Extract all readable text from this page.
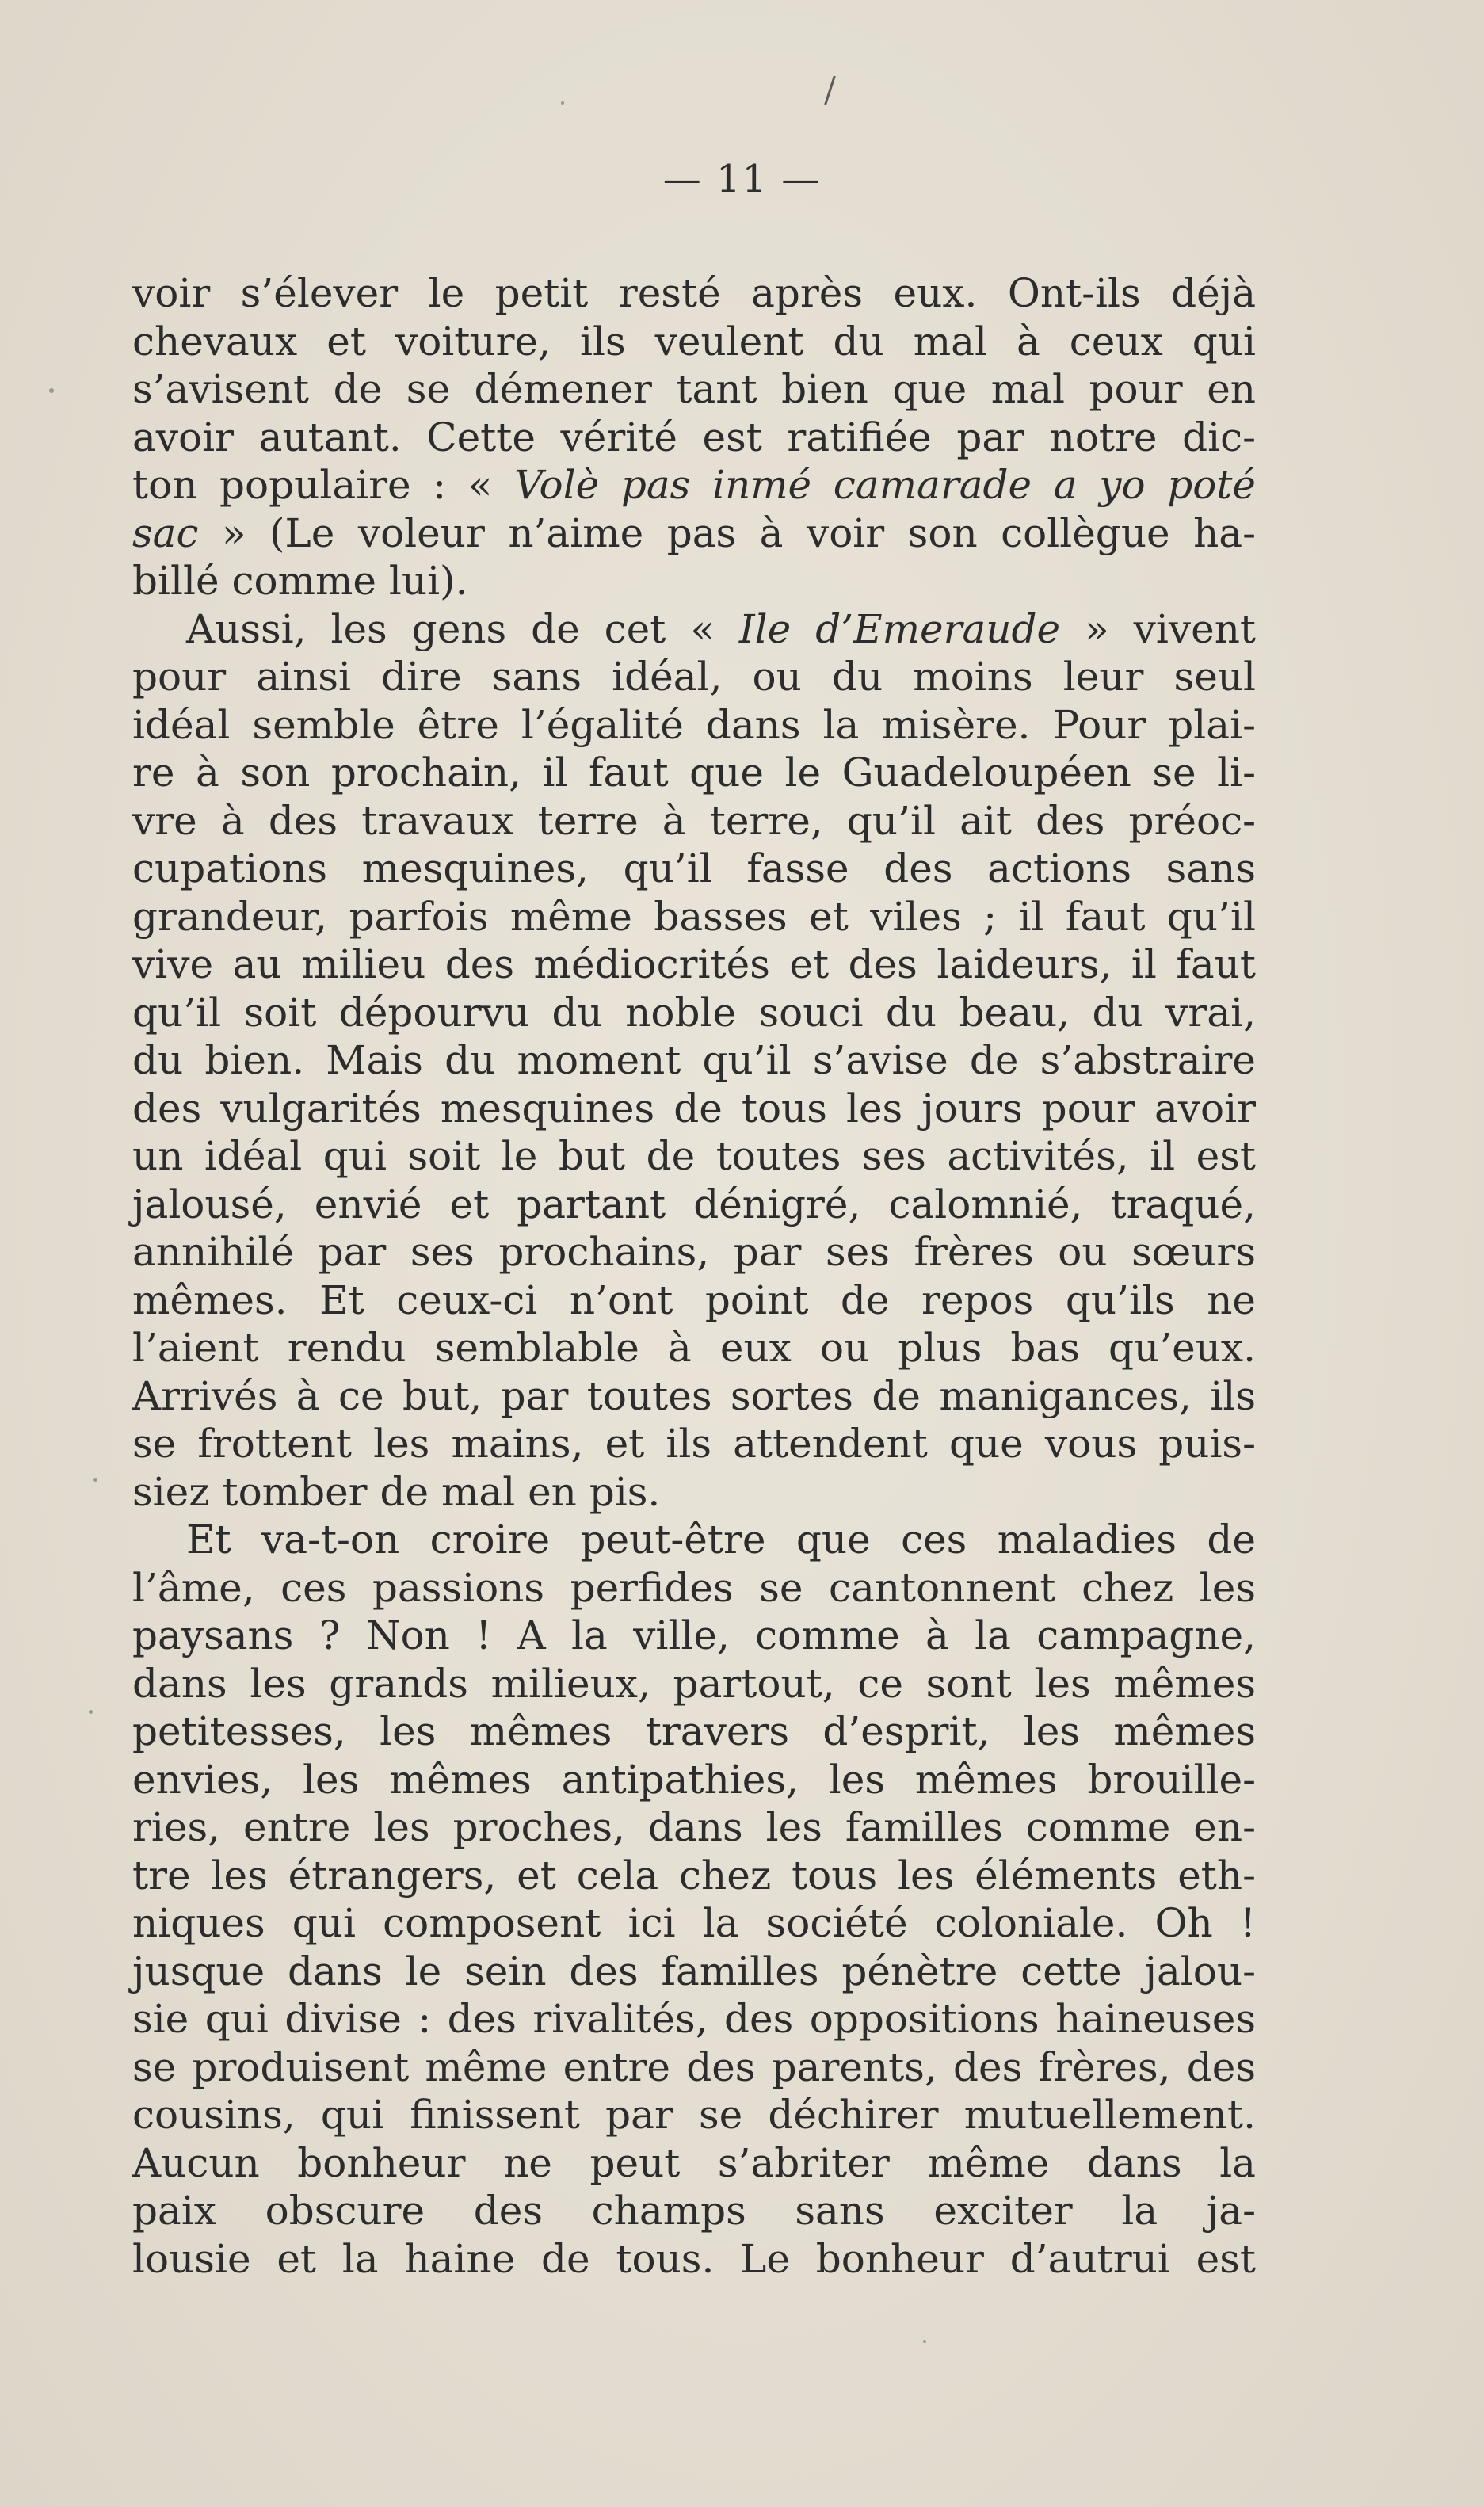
— 11 —
voir s’élever le petit resté après eux. Ont-ils déjà
chevaux et voiture, ils veulent du mal à ceux qui
s’avisent de se démener tant bien que mal pour en
avoir autant. Cette vérité est ratifiée par notre dic-
ton populaire : « Volè pas inmé camarade a yo poté
sac » (Le voleur n’aime pas à voir son collègue ha-
billé comme lui).
Aussi, les gens de cet « Ile d’Emeraude » vivent
pour ainsi dire sans idéal, ou du moins leur seul
idéal semble être l’égalité dans la misère. Pour plai-
re à son prochain, il faut que le Guadeloupéen se li-
vre à des travaux terre à terre, qu’il ait des préoc-
cupations mesquines, qu’il fasse des actions sans
grandeur, parfois même basses et viles ; il faut qu’il
vive au milieu des médiocrités et des laideurs, il faut
qu’il soit dépourvu du noble souci du beau, du vrai,
du bien. Mais du moment qu’il s’avise de s’abstraire
des vulgarités mesquines de tous les jours pour avoir
un idéal qui soit le but de toutes ses activités, il est
jalousé, envié et partant dénigré, calomnié, traqué,
annihilé par ses prochains, par ses frères ou sœurs
mêmes. Et ceux-ci n’ont point de repos qu’ils ne
l’aient rendu semblable à eux ou plus bas qu’eux.
Arrivés à ce but, par toutes sortes de manigances, ils
se frottent les mains, et ils attendent que vous puis-
siez tomber de mal en pis.
Et va-t-on croire peut-être que ces maladies de
l’âme, ces passions perfides se cantonnent chez les
paysans ? Non ! A la ville, comme à la campagne,
dans les grands milieux, partout, ce sont les mêmes
petitesses, les mêmes travers d’esprit, les mêmes
envies, les mêmes antipathies, les mêmes brouille-
ries, entre les proches, dans les familles comme en-
tre les étrangers, et cela chez tous les éléments eth-
niques qui composent ici la société coloniale. Oh !
jusque dans le sein des familles pénètre cette jalou-
sie qui divise : des rivalités, des oppositions haineuses
se produisent même entre des parents, des frères, des
cousins, qui finissent par se déchirer mutuellement.
Aucun bonheur ne peut s’abriter même dans la
paix obscure des champs sans exciter la ja-
lousie et la haine de tous. Le bonheur d’autrui est
